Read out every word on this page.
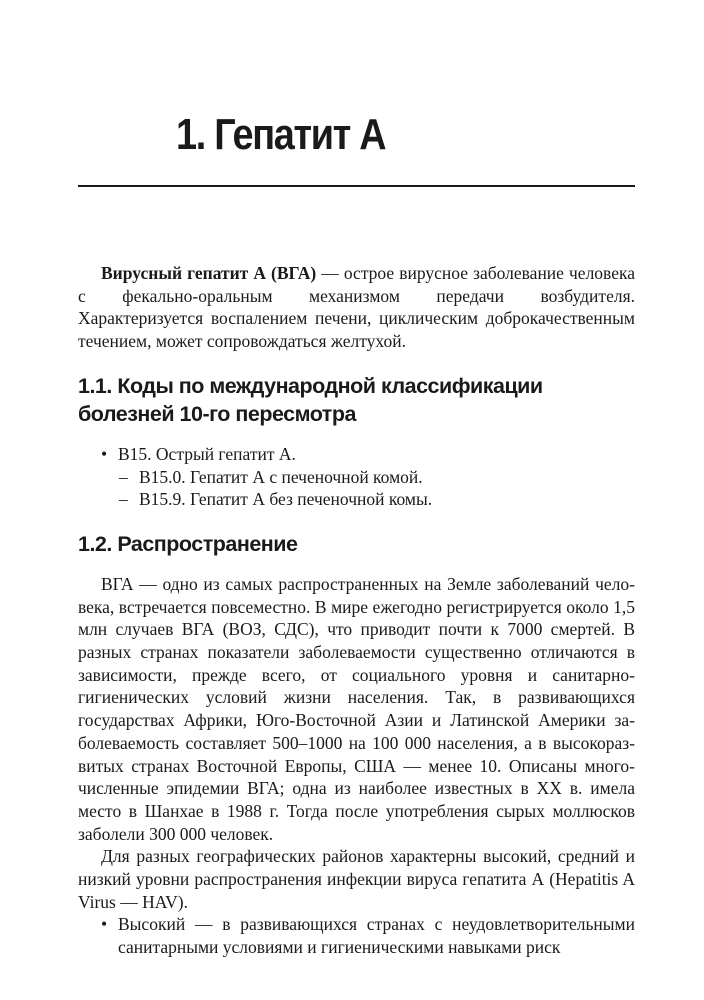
1. Гепатит А

Вирусный гепатит А (ВГА) — острое вирусное заболевание человека с фекально-оральным механизмом передачи возбудителя. Характеризуется воспалением печени, циклическим доброкачественным течением, может сопровождаться желтухой.

1.1. Коды по международной классификации болезней 10-го пересмотра
• B15. Острый гепатит А.
– B15.0. Гепатит А с печеночной комой.
– B15.9. Гепатит А без печеночной комы.
1.2. Распространение

ВГА — одно из самых распространенных на Земле заболеваний человека, встречается повсеместно. В мире ежегодно регистрируется около 1,5 млн случаев ВГА (ВОЗ, СДС), что приводит почти к 7000 смертей. В разных странах показатели заболеваемости существенно отличаются в зависимости, прежде всего, от социального уровня и санитарно-гигиенических условий жизни населения. Так, в развивающихся государствах Африки, Юго-Восточной Азии и Латинской Америки заболеваемость составляет 500–1000 на 100 000 населения, а в высокоразвитых странах Восточной Европы, США — менее 10. Описаны многочисленные эпидемии ВГА; одна из наиболее известных в XX в. имела место в Шанхае в 1988 г. Тогда после употребления сырых моллюсков заболели 300 000 человек.

Для разных географических районов характерны высокий, средний и низкий уровни распространения инфекции вируса гепатита А (Hepatitis A Virus — HAV).

• Высокий — в развивающихся странах с неудовлетворительными санитарными условиями и гигиеническими навыками риск
